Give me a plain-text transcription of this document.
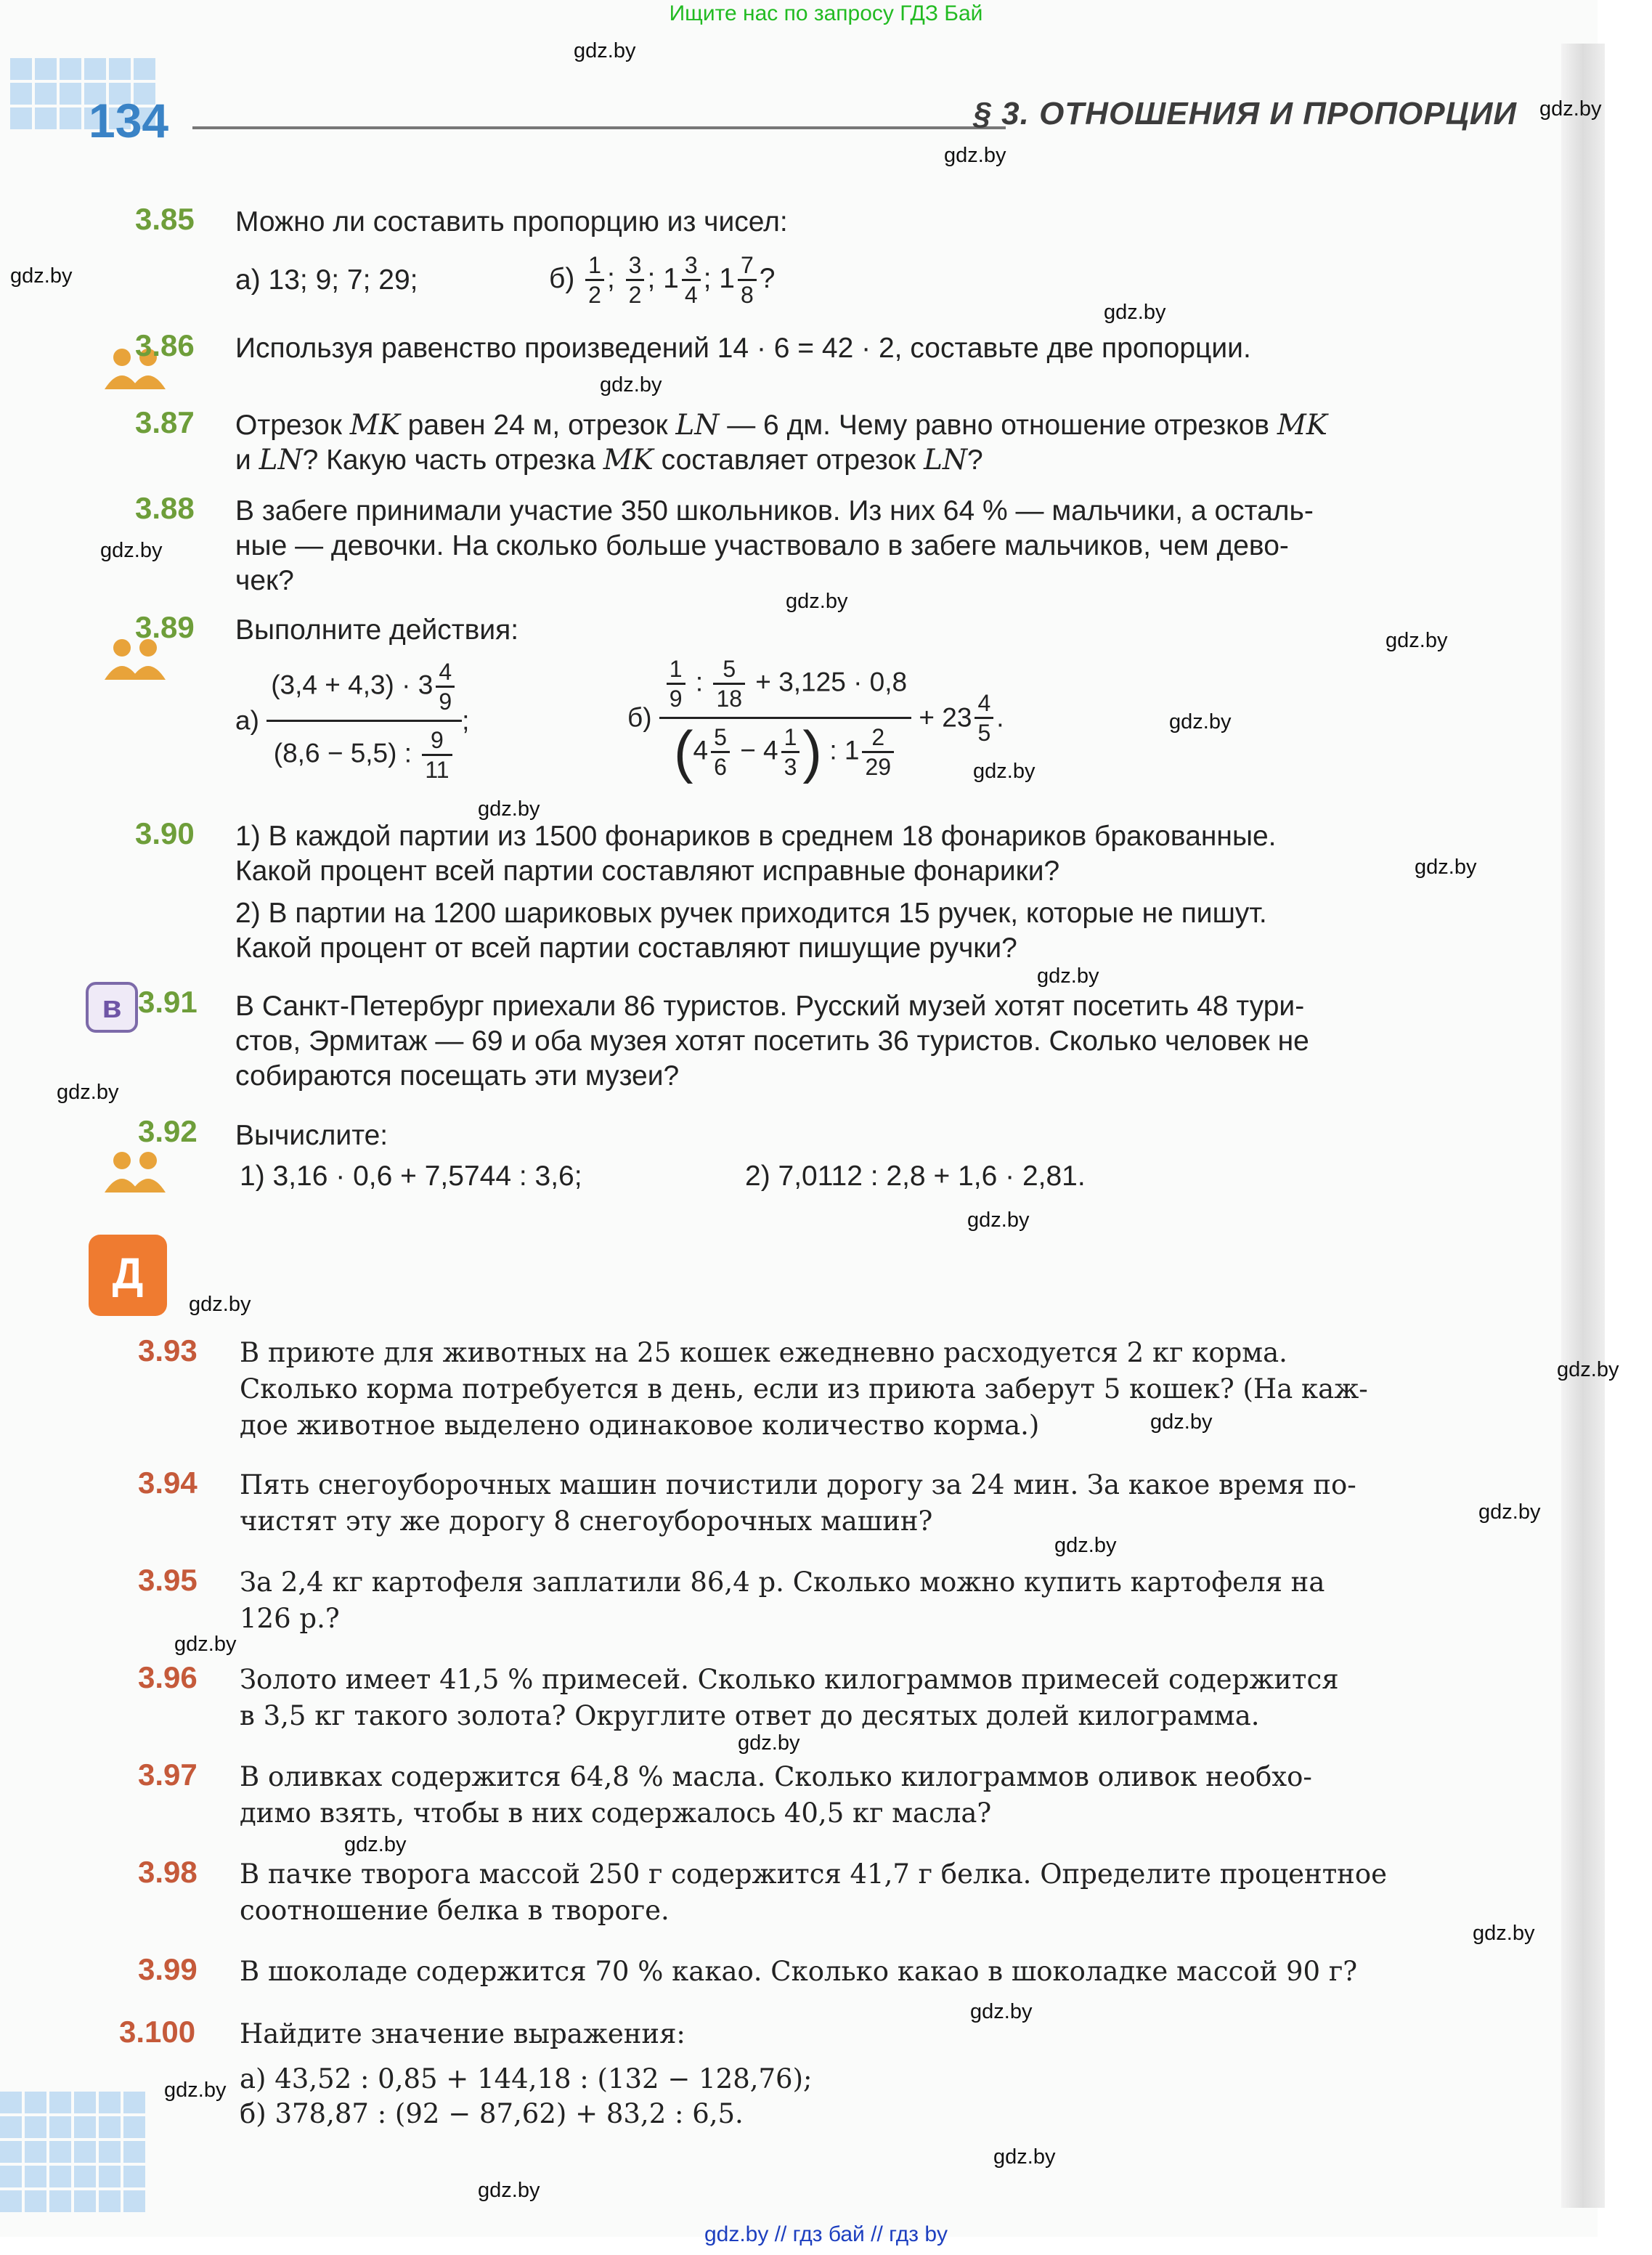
Ищите нас по запросу ГДЗ Бай
134	§ 3. ОТНОШЕНИЯ И ПРОПОРЦИИ
gdz.by
gdz.by
gdz.by
gdz.by
gdz.by
gdz.by
gdz.by
gdz.by
gdz.by
gdz.by
gdz.by
gdz.by
gdz.by
gdz.by
gdz.by
gdz.by
gdz.by
gdz.by
gdz.by
gdz.by
gdz.by
gdz.by
gdz.by
gdz.by
gdz.by
gdz.by
gdz.by
gdz.by
gdz.by
3.85 Можно ли составить пропорцию из чисел:
а) 13; 9; 7; 29;	$б) \frac{1}{2}$ ; $\frac{3}{2}$ ; $1 \frac{3}{4}$ ; $1 \frac{7}{8}$ ?
3.86 Используя равенство произведений 14 · 6 = 42 · 2, составьте две пропорции.
3.87 Отрезок MK равен 24 м, отрезок LN — 6 дм. Чему равно отношение отрезков MK
и LN? Какую часть отрезка MK составляет отрезок LN?
3.88 В забеге принимали участие 350 школьников. Из них 64 % — мальчики, а осталь-
ные — девочки. На сколько больше участвовало в забеге мальчиков, чем дево-
чек?
3.89 Выполните действия:
$а) \frac{(3,4 + 4,3) \cdot 3 \frac{4}{9}}{(8,6 - 5,5) : \frac{9}{11}}$ ;	$б) \frac{\frac{1}{9} : \frac{5}{18} + 3,125 \cdot 0,8}{(4 \frac{5}{6} - 4 \frac{1}{3} ) : 1 \frac{2}{29}} + 23 \frac{4}{5}$ .
3.90 1) В каждой партии из 1500 фонариков в среднем 18 фонариков бракованные.
Какой процент всей партии составляют исправные фонарики?
2) В партии на 1200 шариковых ручек приходится 15 ручек, которые не пишут.
Какой процент от всей партии составляют пишущие ручки?
в 3.91 В Санкт-Петербург приехали 86 туристов. Русский музей хотят посетить 48 тури-
стов, Эрмитаж — 69 и оба музея хотят посетить 36 туристов. Сколько человек не
собираются посещать эти музеи?
3.92 Вычислите:
1) 3,16 · 0,6 + 7,5744 : 3,6;	2) 7,0112 : 2,8 + 1,6 · 2,81.
Д
3.93 В приюте для животных на 25 кошек ежедневно расходуется 2 кг корма.
Сколько корма потребуется в день, если из приюта заберут 5 кошек? (На каж-
дое животное выделено одинаковое количество корма.)
3.94 Пять снегоуборочных машин почистили дорогу за 24 мин. За какое время по-
чистят эту же дорогу 8 снегоуборочных машин?
3.95 За 2,4 кг картофеля заплатили 86,4 р. Сколько можно купить картофеля на
126 р.?
3.96 Золото имеет 41,5 % примесей. Сколько килограммов примесей содержится
в 3,5 кг такого золота? Округлите ответ до десятых долей килограмма.
3.97 В оливках содержится 64,8 % масла. Сколько килограммов оливок необхо-
димо взять, чтобы в них содержалось 40,5 кг масла?
3.98 В пачке творога массой 250 г содержится 41,7 г белка. Определите процентное
соотношение белка в твороге.
3.99 В шоколаде содержится 70 % какао. Сколько какао в шоколадке массой 90 г?
3.100 Найдите значение выражения:
а) 43,52 : 0,85 + 144,18 : (132 − 128,76);
б) 378,87 : (92 − 87,62) + 83,2 : 6,5.
gdz.by // гдз бай // гдз by
